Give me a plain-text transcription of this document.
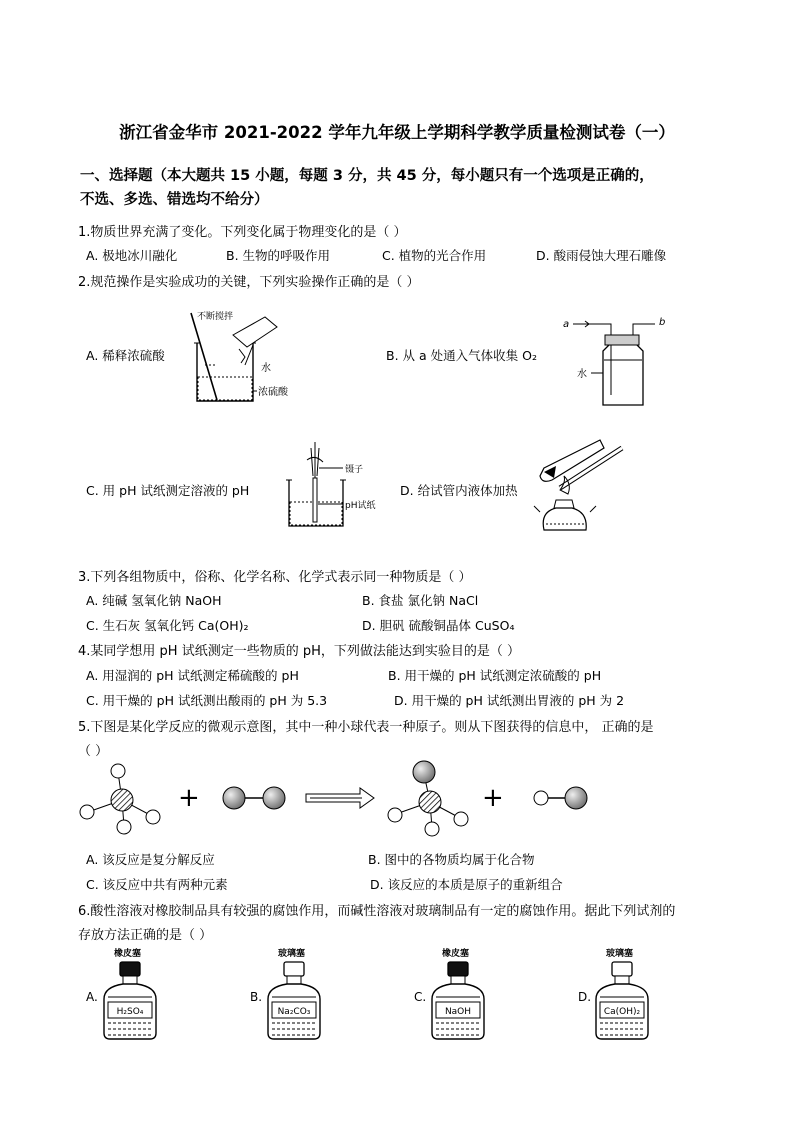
浙江省金华市 2021-2022 学年九年级上学期科学教学质量检测试卷（一）
一、选择题（本大题共 15 小题，每题 3 分，共 45 分，每小题只有一个选项是正确的，
不选、多选、错选均不给分）
1.物质世界充满了变化。下列变化属于物理变化的是（ ）
A. 极地冰川融化	B. 生物的呼吸作用	C. 植物的光合作用	D. 酸雨侵蚀大理石雕像
2.规范操作是实验成功的关键，下列实验操作正确的是（ ）
A. 稀释浓硫酸	B. 从 a 处通入气体收集 O₂
C. 用 pH 试纸测定溶液的 pH	D. 给试管内液体加热
不断搅拌
水
浓硫酸
a	b
水
镊子
pH试纸
3.下列各组物质中，俗称、化学名称、化学式表示同一种物质是（ ）
A. 纯碱 氢氧化钠 NaOH	B. 食盐 氯化钠 NaCl
C. 生石灰 氢氧化钙 Ca(OH)₂	D. 胆矾 硫酸铜晶体 CuSO₄
4.某同学想用 pH 试纸测定一些物质的 pH，下列做法能达到实验目的是（ ）
A. 用湿润的 pH 试纸测定稀硫酸的 pH	B. 用干燥的 pH 试纸测定浓硫酸的 pH
C. 用干燥的 pH 试纸测出酸雨的 pH 为 5.3	D. 用干燥的 pH 试纸测出胃液的 pH 为 2
5.下图是某化学反应的微观示意图，其中一种小球代表一种原子。则从下图获得的信息中， 正确的是
（ ）
+	+
A. 该反应是复分解反应	B. 图中的各物质均属于化合物
C. 该反应中共有两种元素	D. 该反应的本质是原子的重新组合
6.酸性溶液对橡胶制品具有较强的腐蚀作用，而碱性溶液对玻璃制品有一定的腐蚀作用。据此下列试剂的
存放方法正确的是（ ）
橡皮塞
A.
H₂SO₄
玻璃塞
B.
Na₂CO₃
橡皮塞
C.
NaOH
玻璃塞
D.
Ca(OH)₂
